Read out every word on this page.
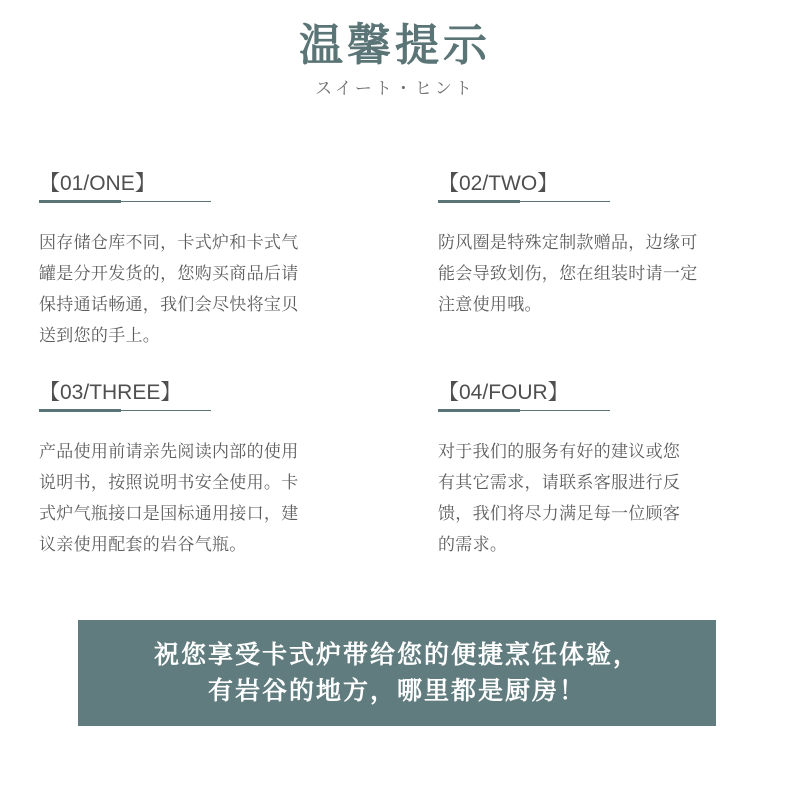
温馨提示
スイート・ヒント
【01/ONE】
因存储仓库不同，卡式炉和卡式气
罐是分开发货的，您购买商品后请
保持通话畅通，我们会尽快将宝贝
送到您的手上。
【02/TWO】
防风圈是特殊定制款赠品，边缘可
能会导致划伤，您在组装时请一定
注意使用哦。
【03/THREE】
产品使用前请亲先阅读内部的使用
说明书，按照说明书安全使用。卡
式炉气瓶接口是国标通用接口，建
议亲使用配套的岩谷气瓶。
【04/FOUR】
对于我们的服务有好的建议或您
有其它需求，请联系客服进行反
馈，我们将尽力满足每一位顾客
的需求。
祝您享受卡式炉带给您的便捷烹饪体验，
有岩谷的地方，哪里都是厨房！
